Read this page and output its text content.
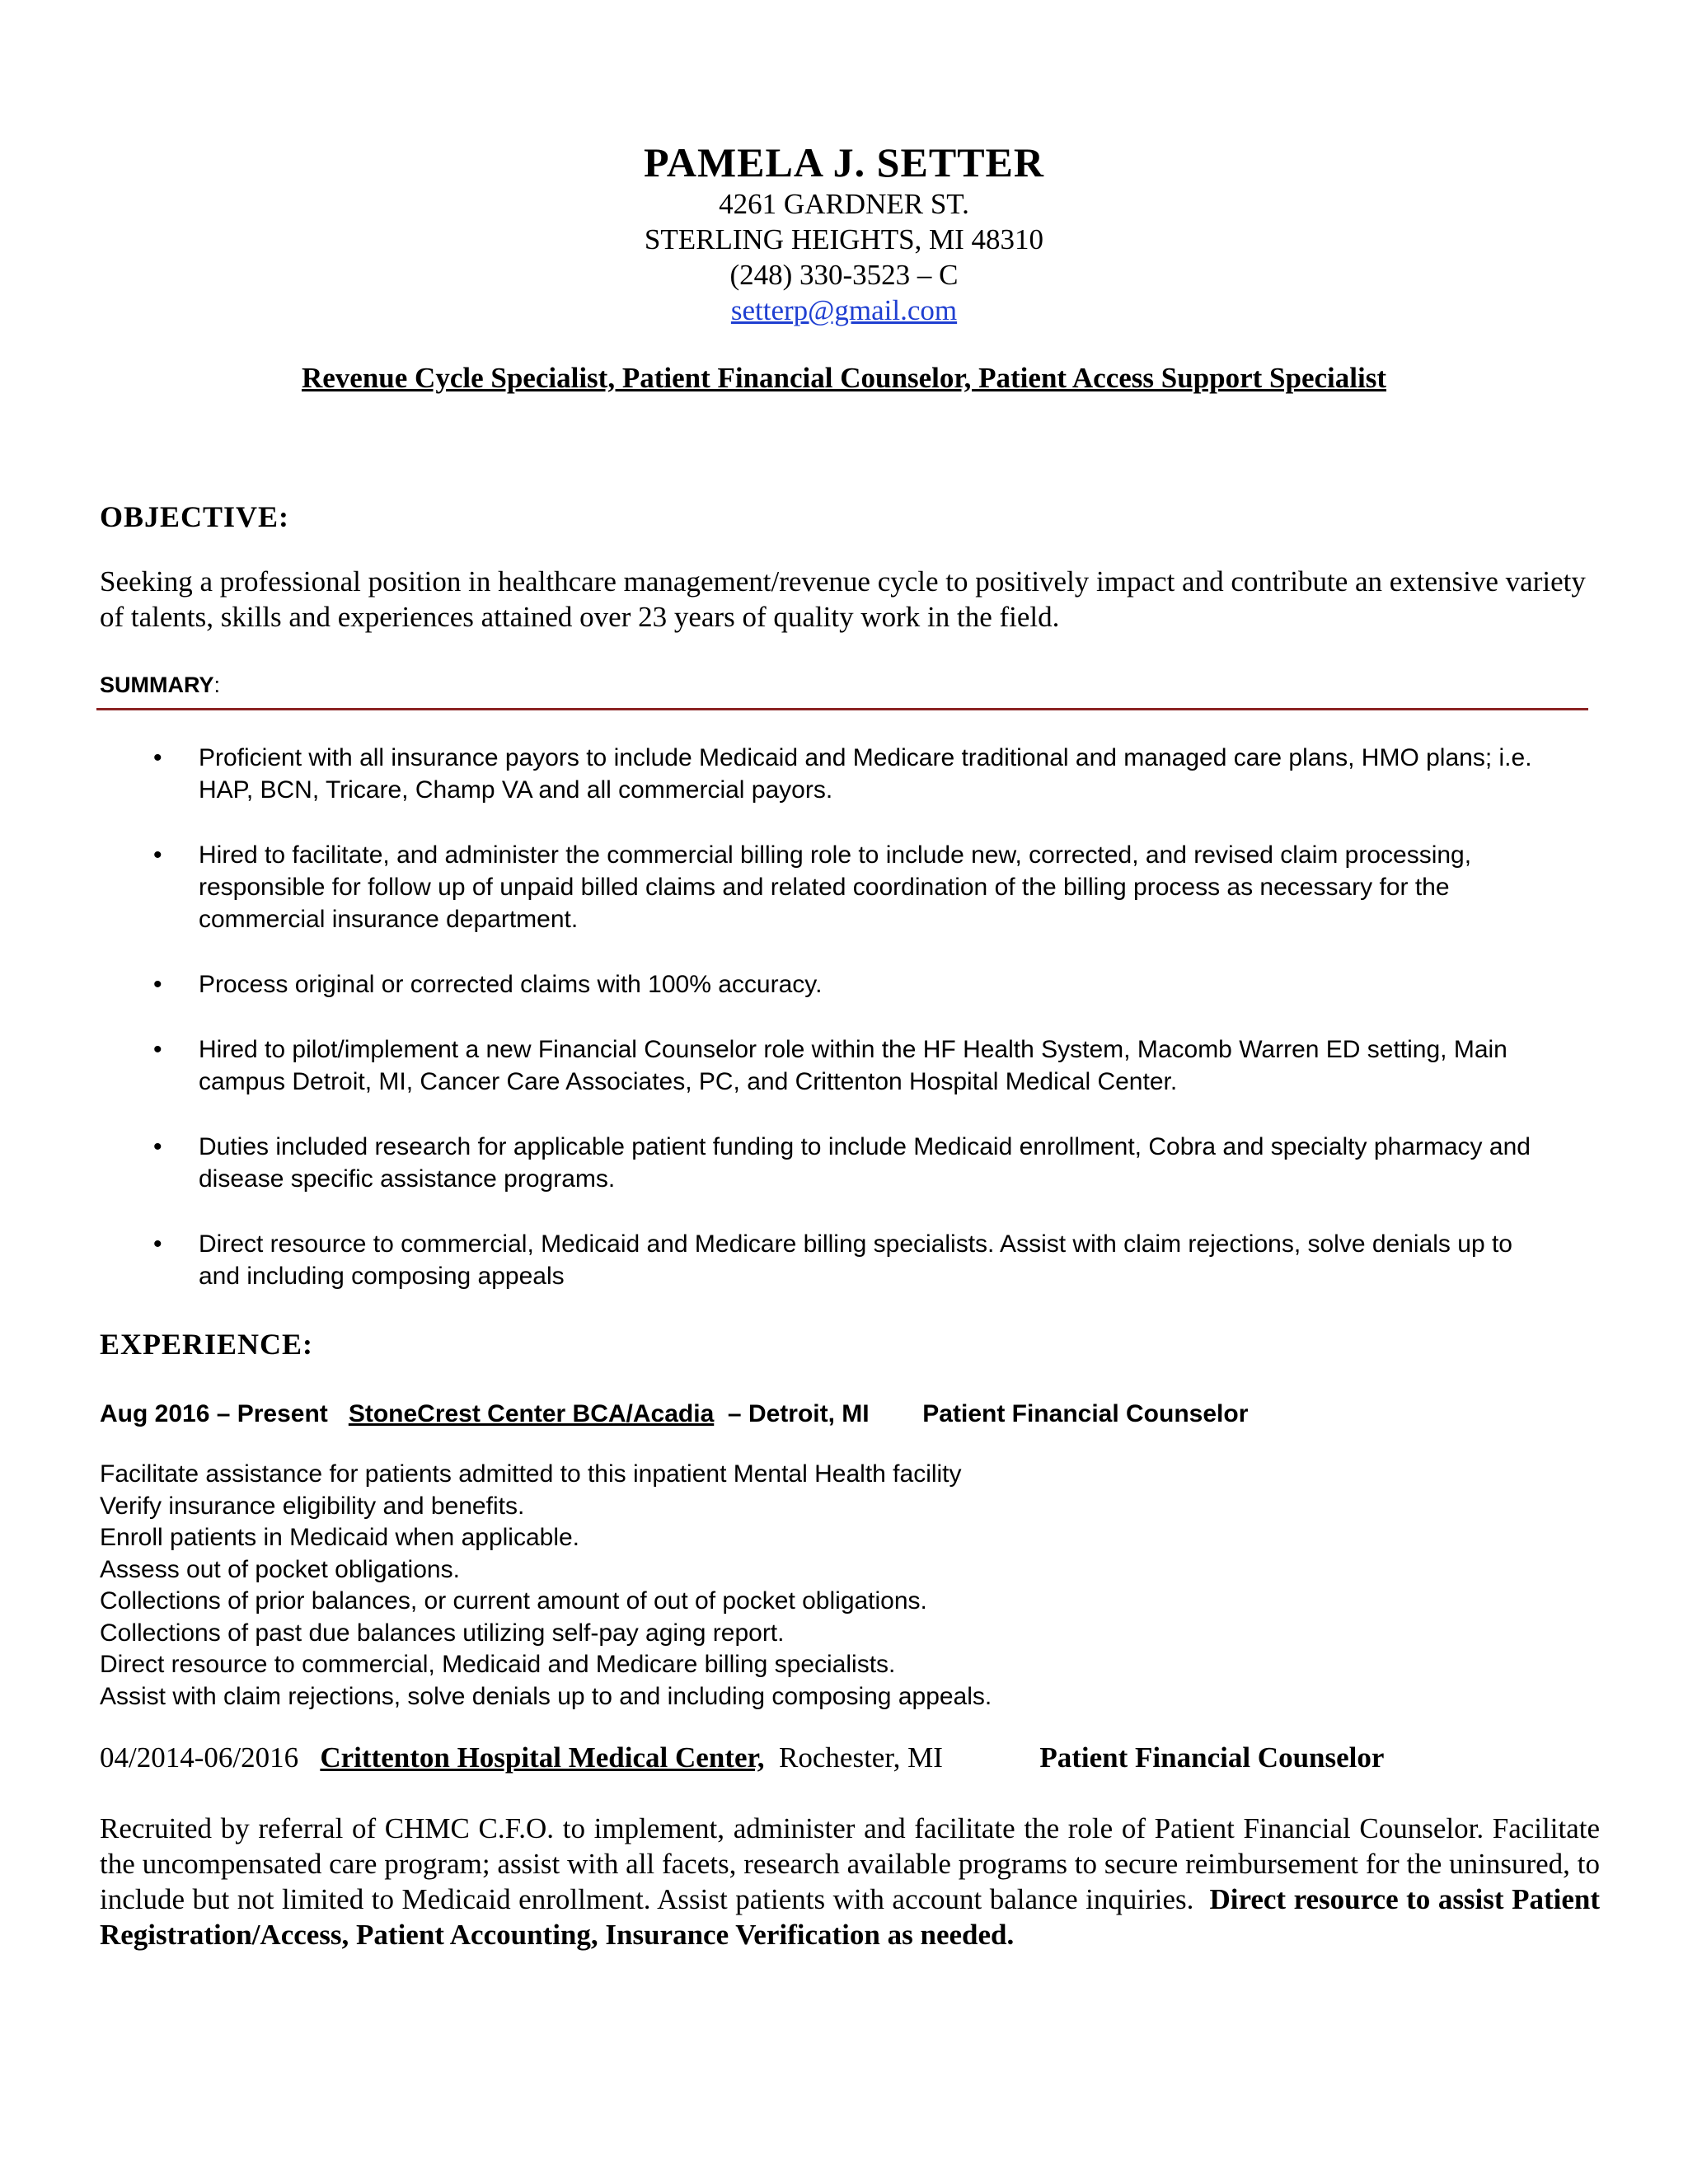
PAMELA J. SETTER
4261 GARDNER ST.
STERLING HEIGHTS, MI 48310
(248) 330-3523 – C
setterp@gmail.com
Revenue Cycle Specialist, Patient Financial Counselor, Patient Access Support Specialist
OBJECTIVE:
Seeking a professional position in healthcare management/revenue cycle to positively impact and contribute an extensive variety of talents, skills and experiences attained over 23 years of quality work in the field.
SUMMARY:
• Proficient with all insurance payors to include Medicaid and Medicare traditional and managed care plans, HMO plans; i.e. HAP, BCN, Tricare, Champ VA and all commercial payors.
• Hired to facilitate, and administer the commercial billing role to include new, corrected, and revised claim processing, responsible for follow up of unpaid billed claims and related coordination of the billing process as necessary for the commercial insurance department.
• Process original or corrected claims with 100% accuracy.
• Hired to pilot/implement a new Financial Counselor role within the HF Health System, Macomb Warren ED setting, Main campus Detroit, MI, Cancer Care Associates, PC, and Crittenton Hospital Medical Center.
• Duties included research for applicable patient funding to include Medicaid enrollment, Cobra and specialty pharmacy and disease specific assistance programs.
• Direct resource to commercial, Medicaid and Medicare billing specialists. Assist with claim rejections, solve denials up to and including composing appeals
EXPERIENCE:
Aug 2016 – Present StoneCrest Center BCA/Acadia – Detroit, MI Patient Financial Counselor
Facilitate assistance for patients admitted to this inpatient Mental Health facility
Verify insurance eligibility and benefits.
Enroll patients in Medicaid when applicable.
Assess out of pocket obligations.
Collections of prior balances, or current amount of out of pocket obligations.
Collections of past due balances utilizing self-pay aging report.
Direct resource to commercial, Medicaid and Medicare billing specialists.
Assist with claim rejections, solve denials up to and including composing appeals.
04/2014-06/2016 Crittenton Hospital Medical Center, Rochester, MI	Patient Financial Counselor
Recruited by referral of CHMC C.F.O. to implement, administer and facilitate the role of Patient Financial Counselor. Facilitate the uncompensated care program; assist with all facets, research available programs to secure reimbursement for the uninsured, to include but not limited to Medicaid enrollment. Assist patients with account balance inquiries. Direct resource to assist Patient Registration/Access, Patient Accounting, Insurance Verification as needed.
